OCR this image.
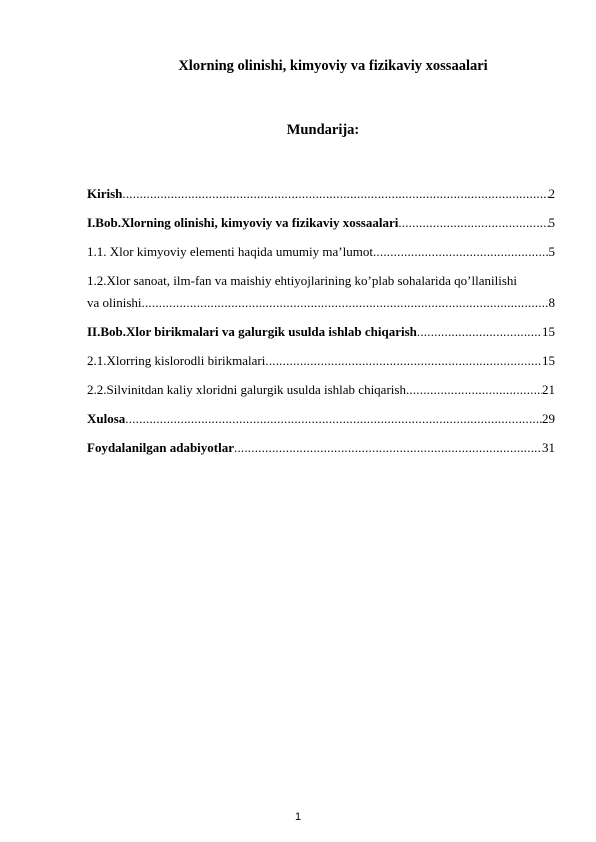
Xlorning olinishi, kimyoviy va fizikaviy xossaalari
Mundarija:
Kirish .....	2
I.Bob.Xlorning olinishi, kimyoviy va fizikaviy xossaalari .....	5
1.1. Xlor kimyoviy elementi haqida umumiy ma’lumot .....	5
1.2.Xlor sanoat, ilm-fan va maishiy ehtiyojlarining ko’plab sohalarida qo’llanilishi
va olinishi .....	8
II.Bob.Xlor birikmalari va galurgik usulda ishlab chiqarish .....	15
2.1.Xlorring kislorodli birikmalari .....	15
2.2.Silvinitdan kaliy xloridni galurgik usulda ishlab chiqarish .....	21
Xulosa .....	29
Foydalanilgan adabiyotlar .....	31
1
